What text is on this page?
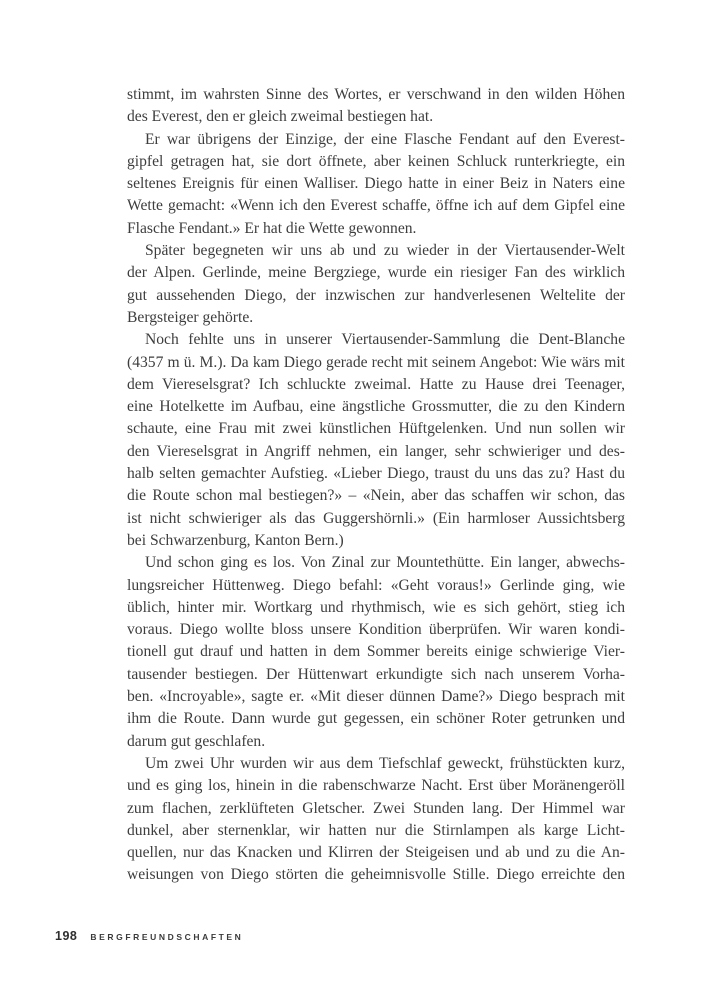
stimmt, im wahrsten Sinne des Wortes, er verschwand in den wilden Höhen
des Everest, den er gleich zweimal bestiegen hat.
Er war übrigens der Einzige, der eine Flasche Fendant auf den Everest-
gipfel getragen hat, sie dort öffnete, aber keinen Schluck runterkriegte, ein
seltenes Ereignis für einen Walliser. Diego hatte in einer Beiz in Naters eine
Wette gemacht: «Wenn ich den Everest schaffe, öffne ich auf dem Gipfel eine
Flasche Fendant.» Er hat die Wette gewonnen.
Später begegneten wir uns ab und zu wieder in der Viertausender-Welt
der Alpen. Gerlinde, meine Bergziege, wurde ein riesiger Fan des wirklich
gut aussehenden Diego, der inzwischen zur handverlesenen Weltelite der
Bergsteiger gehörte.
Noch fehlte uns in unserer Viertausender-Sammlung die Dent-Blanche
(4357 m ü. M.). Da kam Diego gerade recht mit seinem Angebot: Wie wärs mit
dem Viereselsgrat? Ich schluckte zweimal. Hatte zu Hause drei Teenager,
eine Hotelkette im Aufbau, eine ängstliche Grossmutter, die zu den Kindern
schaute, eine Frau mit zwei künstlichen Hüftgelenken. Und nun sollen wir
den Viereselsgrat in Angriff nehmen, ein langer, sehr schwieriger und des-
halb selten gemachter Aufstieg. «Lieber Diego, traust du uns das zu? Hast du
die Route schon mal bestiegen?» – «Nein, aber das schaffen wir schon, das
ist nicht schwieriger als das Guggershörnli.» (Ein harmloser Aussichtsberg
bei Schwarzenburg, Kanton Bern.)
Und schon ging es los. Von Zinal zur Mountethütte. Ein langer, abwechs-
lungsreicher Hüttenweg. Diego befahl: «Geht voraus!» Gerlinde ging, wie
üblich, hinter mir. Wortkarg und rhythmisch, wie es sich gehört, stieg ich
voraus. Diego wollte bloss unsere Kondition überprüfen. Wir waren kondi-
tionell gut drauf und hatten in dem Sommer bereits einige schwierige Vier-
tausender bestiegen. Der Hüttenwart erkundigte sich nach unserem Vorha-
ben. «Incroyable», sagte er. «Mit dieser dünnen Dame?» Diego besprach mit
ihm die Route. Dann wurde gut gegessen, ein schöner Roter getrunken und
darum gut geschlafen.
Um zwei Uhr wurden wir aus dem Tiefschlaf geweckt, frühstückten kurz,
und es ging los, hinein in die rabenschwarze Nacht. Erst über Moränengeröll
zum flachen, zerklüfteten Gletscher. Zwei Stunden lang. Der Himmel war
dunkel, aber sternenklar, wir hatten nur die Stirnlampen als karge Licht-
quellen, nur das Knacken und Klirren der Steigeisen und ab und zu die An-
weisungen von Diego störten die geheimnisvolle Stille. Diego erreichte den
198 BERGFREUNDSCHAFTEN
